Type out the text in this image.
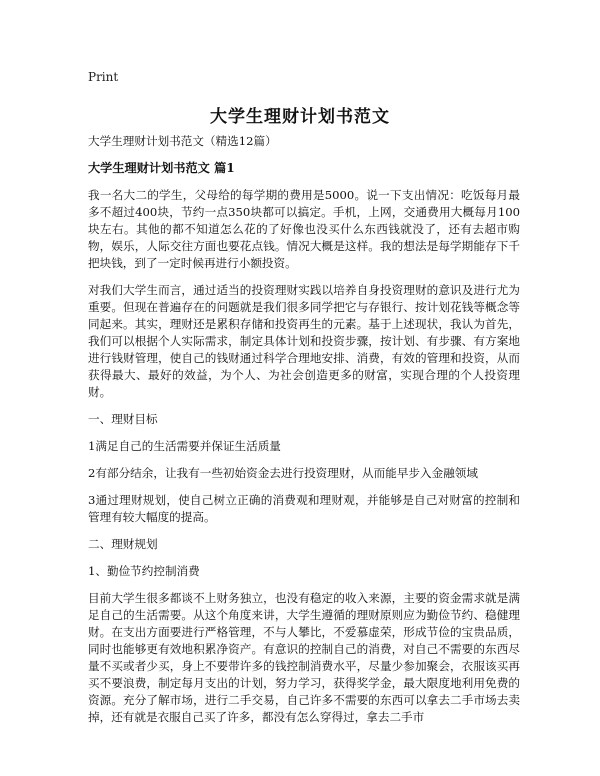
Print
大学生理财计划书范文

大学生理财计划书范文（精选12篇）

大学生理财计划书范文 篇1

我一名大二的学生，父母给的每学期的费用是5000。说一下支出情况：吃饭每月最多不超过400块，节约一点350块都可以搞定。手机，上网，交通费用大概每月100块左右。其他的都不知道怎么花的了好像也没买什么东西钱就没了，还有去超市购物，娱乐，人际交往方面也要花点钱。情况大概是这样。我的想法是每学期能存下千把块钱，到了一定时候再进行小额投资。

对我们大学生而言，通过适当的投资理财实践以培养自身投资理财的意识及进行尤为重要。但现在普遍存在的问题就是我们很多同学把它与存银行、按计划花钱等概念等同起来。其实，理财还是累积存储和投资再生的元素。基于上述现状，我认为首先，我们可以根据个人实际需求，制定具体计划和投资步骤，按计划、有步骤、有方案地进行钱财管理，使自己的钱财通过科学合理地安排、消费，有效的管理和投资，从而获得最大、最好的效益，为个人、为社会创造更多的财富，实现合理的个人投资理财。

一、理财目标

1满足自己的生活需要并保证生活质量

2有部分结余，让我有一些初始资金去进行投资理财，从而能早步入金融领域

3通过理财规划，使自己树立正确的消费观和理财观，并能够是自己对财富的控制和管理有较大幅度的提高。

二、理财规划

1、勤俭节约控制消费

目前大学生很多都谈不上财务独立，也没有稳定的收入来源，主要的资金需求就是满足自己的生活需要。从这个角度来讲，大学生遵循的理财原则应为勤俭节约、稳健理财。在支出方面要进行严格管理，不与人攀比，不爱慕虚荣，形成节俭的宝贵品质，同时也能够更有效地积累净资产。有意识的控制自己的消费，对自己不需要的东西尽量不买或者少买，身上不要带许多的钱控制消费水平，尽量少参加聚会，衣服该买再买不要浪费，制定每月支出的计划，努力学习，获得奖学金，最大限度地利用免费的资源。充分了解市场，进行二手交易，自己许多不需要的东西可以拿去二手市场去卖掉，还有就是衣服自己买了许多，都没有怎么穿得过，拿去二手市
